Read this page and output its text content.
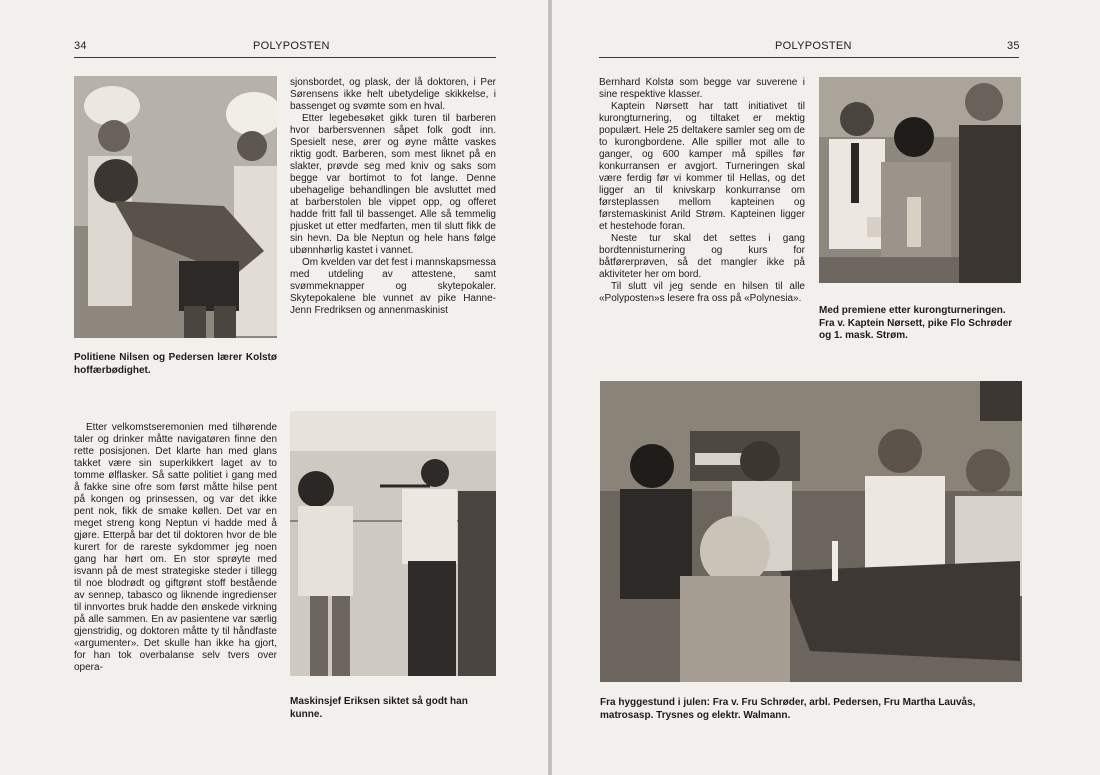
34	POLYPOSTEN
Politiene Nilsen og Pedersen lærer Kolstø hoffærbødighet.

sjonsbordet, og plask, der lå doktoren, i Per Sørensens ikke helt ubetydelige skikkelse, i bassenget og svømte som en hval.

Etter legebesøket gikk turen til barberen hvor barbersvennen såpet folk godt inn. Spesielt nese, ører og øyne måtte vaskes riktig godt. Barberen, som mest liknet på en slakter, prøvde seg med kniv og saks som begge var bortimot to fot lange. Denne ubehagelige behandlingen ble avsluttet med at barberstolen ble vippet opp, og offeret hadde fritt fall til bassenget. Alle så temmelig pjusket ut etter medfarten, men til slutt fikk de sin hevn. Da ble Neptun og hele hans følge ubønnhørlig kastet i vannet.

Om kvelden var det fest i mannskapsmessa med utdeling av attestene, samt svømmeknapper og skytepokaler. Skytepokalene ble vunnet av pike Hanne-Jenn Fredriksen og annenmaskinist

Etter velkomstseremonien med tilhørende taler og drinker måtte navigatøren finne den rette posisjonen. Det klarte han med glans takket være sin superkikkert laget av to tomme ølflasker. Så satte politiet i gang med å fakke sine ofre som først måtte hilse pent på kongen og prinsessen, og var det ikke pent nok, fikk de smake køllen. Det var en meget streng kong Neptun vi hadde med å gjøre. Etterpå bar det til doktoren hvor de ble kurert for de rareste sykdommer jeg noen gang har hørt om. En stor sprøyte med isvann på de mest strategiske steder i tillegg til noe blodrødt og giftgrønt stoff bestående av sennep, tabasco og liknende ingredienser til innvortes bruk hadde den ønskede virkning på alle sammen. En av pasientene var særlig gjenstridig, og doktoren måtte ty til håndfaste «argumenter». Det skulle han ikke ha gjort, for han tok overbalanse selv tvers over opera-

Maskinsjef Eriksen siktet så godt han kunne.
POLYPOSTEN	35

Bernhard Kolstø som begge var suverene i sine respektive klasser.

Kaptein Nørsett har tatt initiativet til kurongturnering, og tiltaket er mektig populært. Hele 25 deltakere samler seg om de to kurongbordene. Alle spiller mot alle to ganger, og 600 kamper må spilles før konkurransen er avgjort. Turneringen skal være ferdig før vi kommer til Hellas, og det ligger an til knivskarp konkurranse om førsteplassen mellom kapteinen og førstemaskinist Arild Strøm. Kapteinen ligger et hestehode foran.

Neste tur skal det settes i gang bordtennisturnering og kurs for båtførerprøven, så det mangler ikke på aktiviteter her om bord.

Til slutt vil jeg sende en hilsen til alle «Polyposten»s lesere fra oss på «Polynesia».

Med premiene etter kurongturneringen. Fra v. Kaptein Nørsett, pike Flo Schrøder og 1. mask. Strøm.
Fra hyggestund i julen: Fra v. Fru Schrøder, arbl. Pedersen, Fru Martha Lauvås, matrosasp. Trysnes og elektr. Walmann.
